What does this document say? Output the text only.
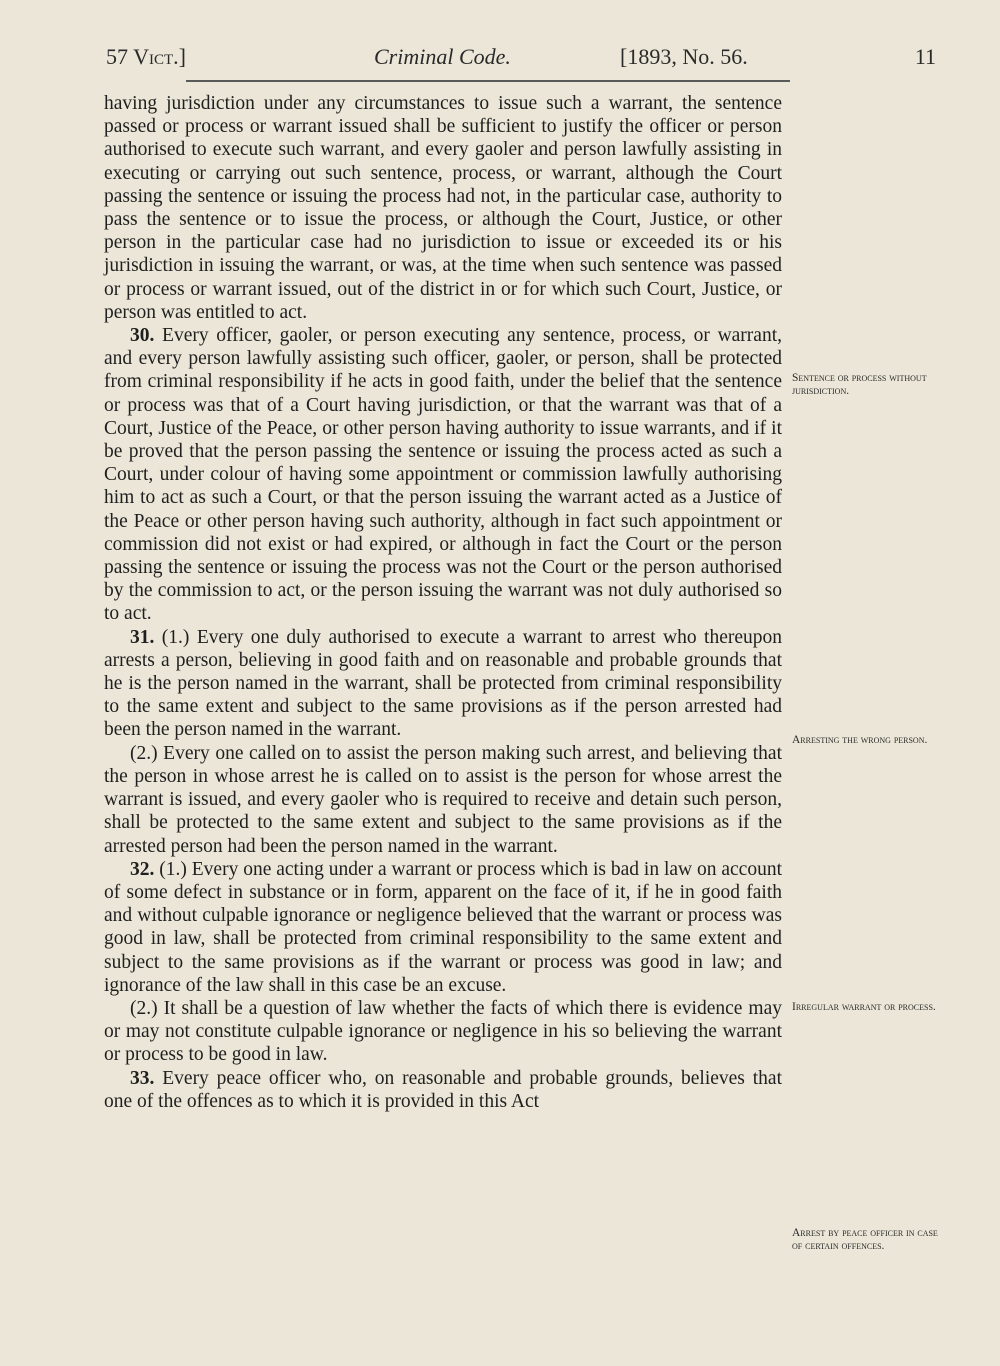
57 Vict.]	Criminal Code.	[1893, No. 56.	11

having jurisdiction under any circumstances to issue such a warrant, the sentence passed or process or warrant issued shall be sufficient to justify the officer or person authorised to execute such warrant, and every gaoler and person lawfully assisting in executing or carrying out such sentence, process, or warrant, although the Court passing the sentence or issuing the process had not, in the particular case, authority to pass the sentence or to issue the process, or although the Court, Justice, or other person in the particular case had no jurisdiction to issue or exceeded its or his jurisdiction in issuing the warrant, or was, at the time when such sentence was passed or process or warrant issued, out of the district in or for which such Court, Justice, or person was entitled to act.

30. Every officer, gaoler, or person executing any sentence, process, or warrant, and every person lawfully assisting such officer, gaoler, or person, shall be protected from criminal responsibility if he acts in good faith, under the belief that the sentence or process was that of a Court having jurisdiction, or that the warrant was that of a Court, Justice of the Peace, or other person having authority to issue warrants, and if it be proved that the person passing the sentence or issuing the process acted as such a Court, under colour of having some appointment or commission lawfully authorising him to act as such a Court, or that the person issuing the warrant acted as a Justice of the Peace or other person having such authority, although in fact such appointment or commission did not exist or had expired, or although in fact the Court or the person passing the sentence or issuing the process was not the Court or the person authorised by the commission to act, or the person issuing the warrant was not duly authorised so to act.

31. (1.) Every one duly authorised to execute a warrant to arrest who thereupon arrests a person, believing in good faith and on reasonable and probable grounds that he is the person named in the warrant, shall be protected from criminal responsibility to the same extent and subject to the same provisions as if the person arrested had been the person named in the warrant.

(2.) Every one called on to assist the person making such arrest, and believing that the person in whose arrest he is called on to assist is the person for whose arrest the warrant is issued, and every gaoler who is required to receive and detain such person, shall be protected to the same extent and subject to the same provisions as if the arrested person had been the person named in the warrant.

32. (1.) Every one acting under a warrant or process which is bad in law on account of some defect in substance or in form, apparent on the face of it, if he in good faith and without culpable ignorance or negligence believed that the warrant or process was good in law, shall be protected from criminal responsibility to the same extent and subject to the same provisions as if the warrant or process was good in law; and ignorance of the law shall in this case be an excuse.

(2.) It shall be a question of law whether the facts of which there is evidence may or may not constitute culpable ignorance or negligence in his so believing the warrant or process to be good in law.

33. Every peace officer who, on reasonable and probable grounds, believes that one of the offences as to which it is provided in this Act

Sentence or process without jurisdiction.
Arresting the wrong person.
Irregular warrant or process.
Arrest by peace officer in case of certain offences.
